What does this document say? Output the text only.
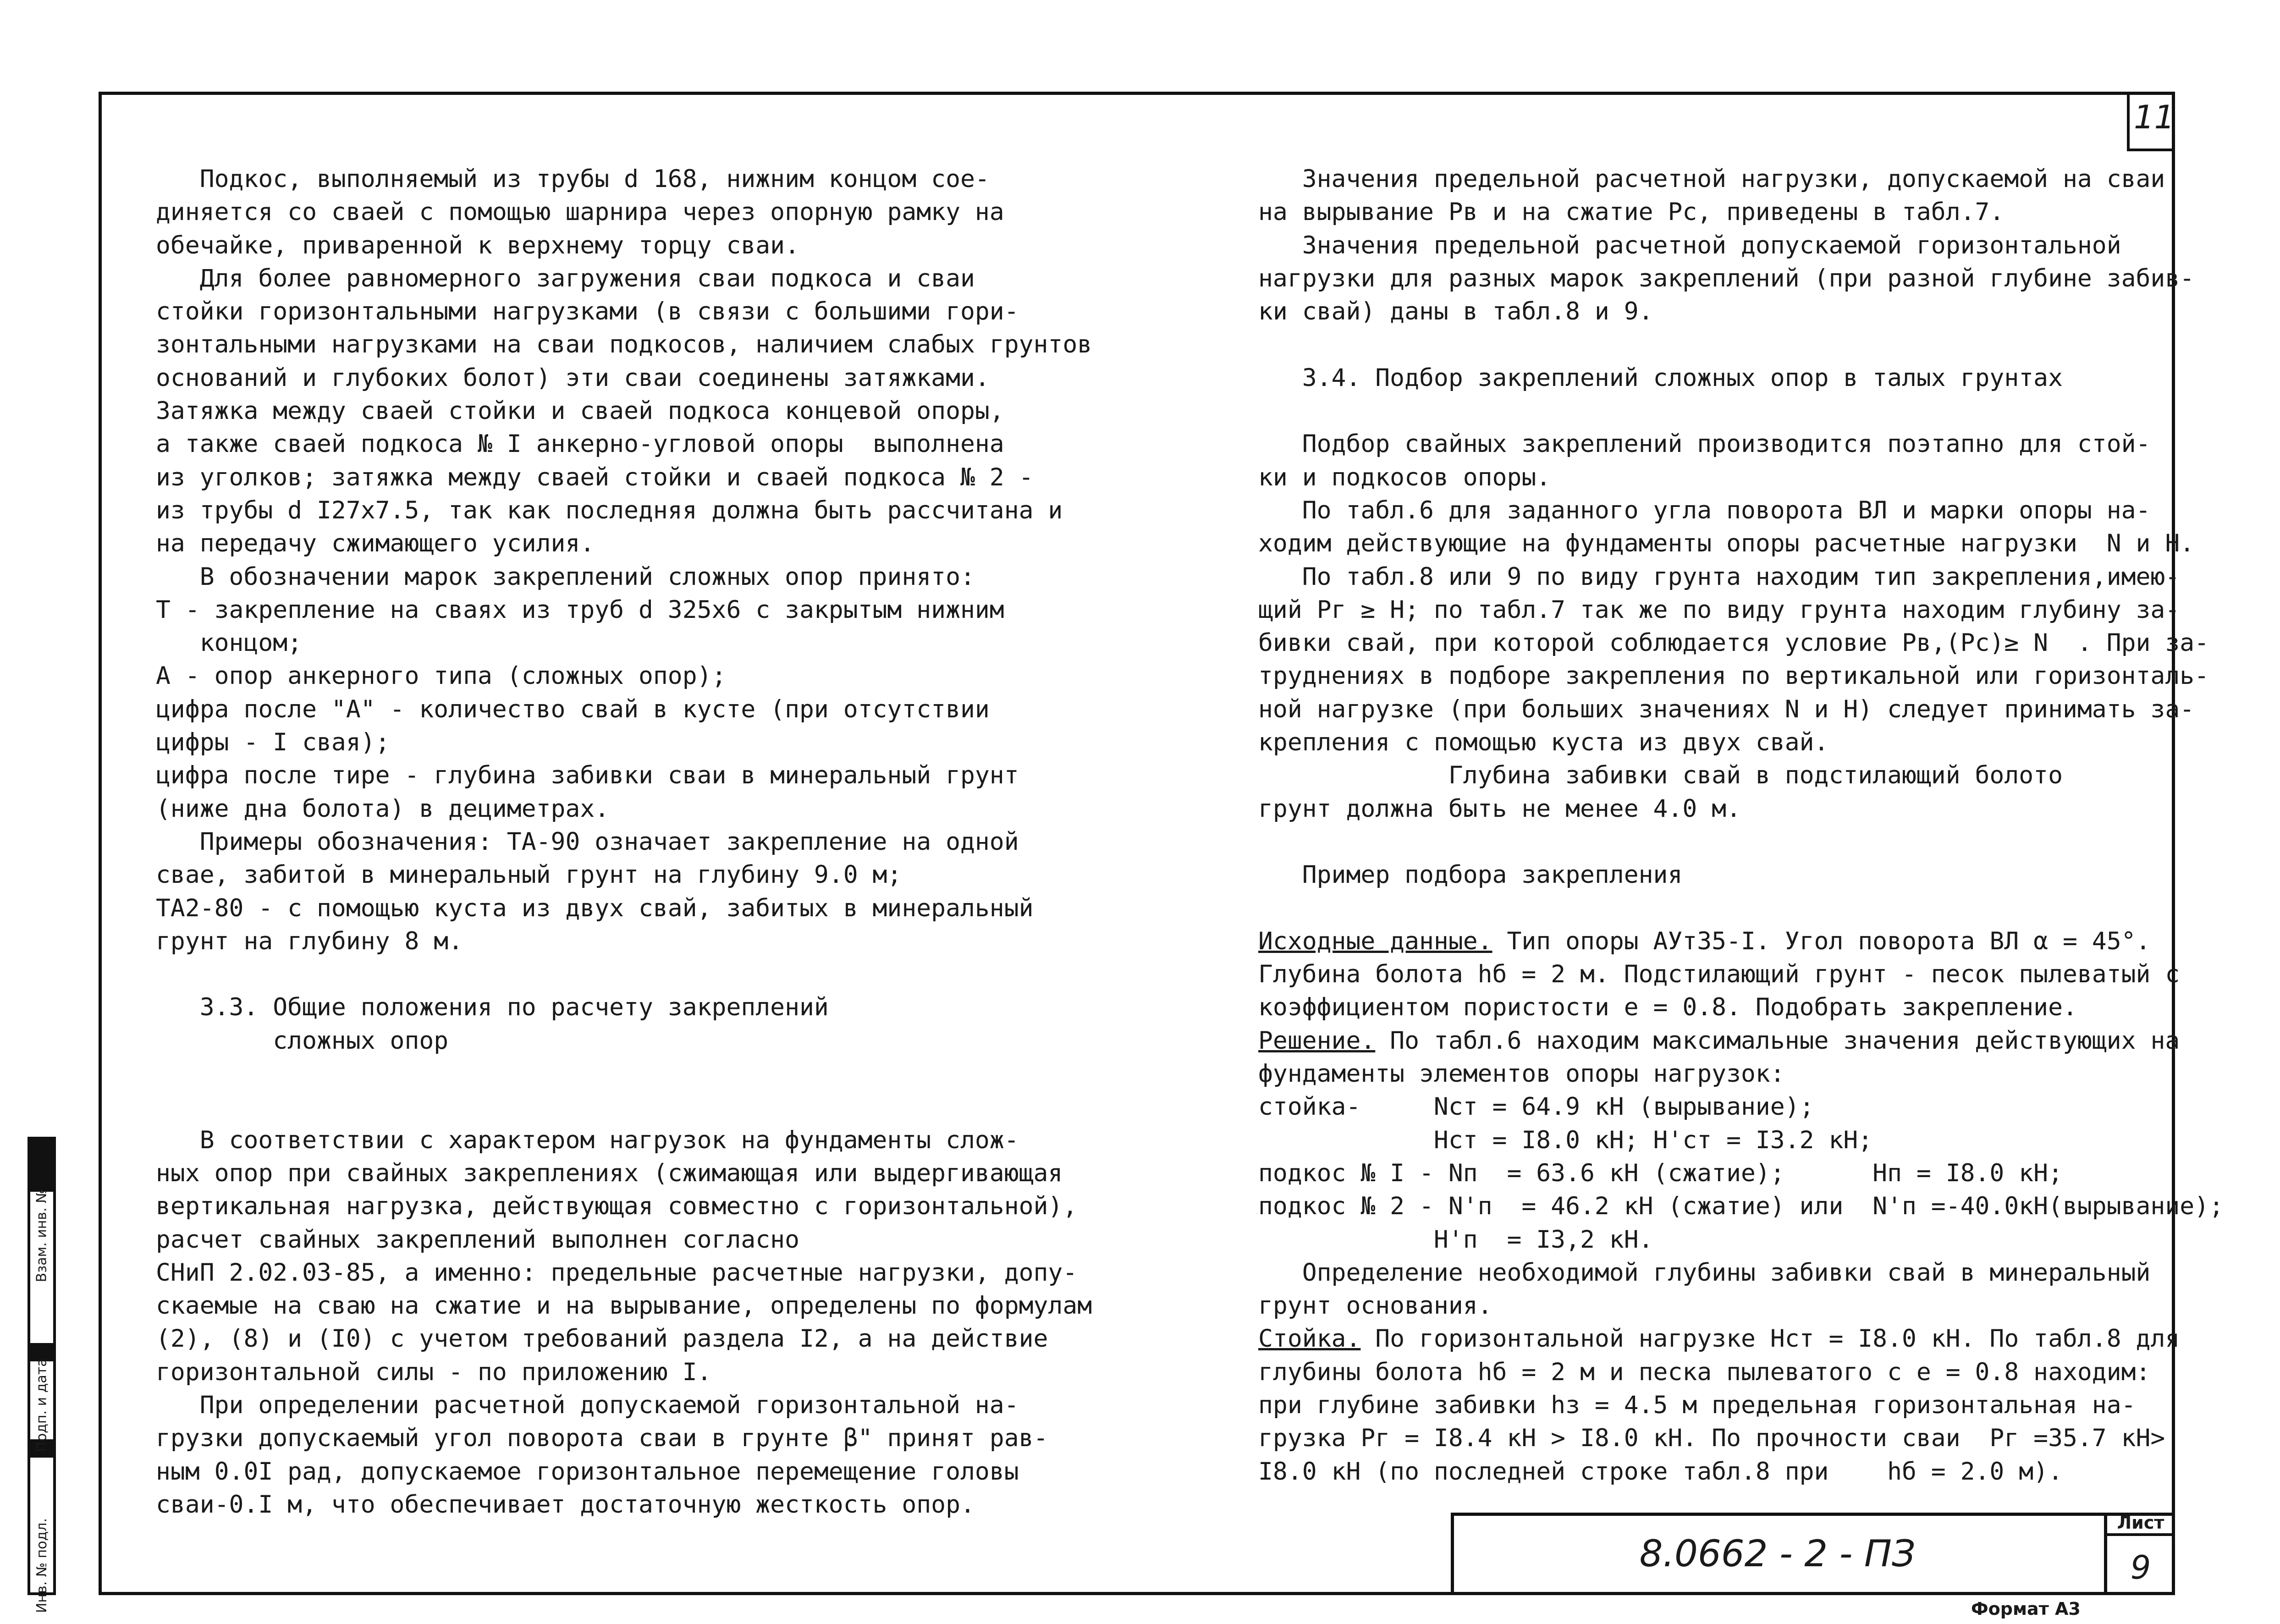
11
Подкос, выполняемый из трубы d 168, нижним концом сое-
диняется со сваей с помощью шарнира через опорную рамку на
обечайке, приваренной к верхнему торцу сваи.
Для более равномерного загружения сваи подкоса и сваи
стойки горизонтальными нагрузками (в связи с большими гори-
зонтальными нагрузками на сваи подкосов, наличием слабых грунтов
оснований и глубоких болот) эти сваи соединены затяжками.
Затяжка между сваей стойки и сваей подкоса концевой опоры,
а также сваей подкоса № I анкерно-угловой опоры  выполнена
из уголков; затяжка между сваей стойки и сваей подкоса № 2 -
из трубы d I27x7.5, так как последняя должна быть рассчитана и
на передачу сжимающего усилия.
В обозначении марок закреплений сложных опор принято:
Т - закрепление на сваях из труб d 325x6 с закрытым нижним
концом;
А - опор анкерного типа (сложных опор);
цифра после "А" - количество свай в кусте (при отсутствии
цифры - I свая);
цифра после тире - глубина забивки сваи в минеральный грунт
(ниже дна болота) в дециметрах.
Примеры обозначения: ТА-90 означает закрепление на одной
свае, забитой в минеральный грунт на глубину 9.0 м;
ТА2-80 - с помощью куста из двух свай, забитых в минеральный
грунт на глубину 8 м.
3.3. Общие положения по расчету закреплений
сложных опор
В соответствии с характером нагрузок на фундаменты слож-
ных опор при свайных закреплениях (сжимающая или выдергивающая
вертикальная нагрузка, действующая совместно с горизонтальной),
расчет свайных закреплений выполнен согласно
СНиП 2.02.03-85, а именно: предельные расчетные нагрузки, допу-
скаемые на сваю на сжатие и на вырывание, определены по формулам
(2), (8) и (I0) с учетом требований раздела I2, а на действие
горизонтальной силы - по приложению I.
При определении расчетной допускаемой горизонтальной на-
грузки допускаемый угол поворота сваи в грунте β" принят рав-
ным 0.0I рад, допускаемое горизонтальное перемещение головы
сваи-0.I м, что обеспечивает достаточную жесткость опор.
Значения предельной расчетной нагрузки, допускаемой на сваи
на вырывание Рв и на сжатие Рс, приведены в табл.7.
Значения предельной расчетной допускаемой горизонтальной
нагрузки для разных марок закреплений (при разной глубине забив-
ки свай) даны в табл.8 и 9.
3.4. Подбор закреплений сложных опор в талых грунтах
Подбор свайных закреплений производится поэтапно для стой-
ки и подкосов опоры.
По табл.6 для заданного угла поворота ВЛ и марки опоры на-
ходим действующие на фундаменты опоры расчетные нагрузки  N и Н.
По табл.8 или 9 по виду грунта находим тип закрепления,имею-
щий Рг ≥ Н; по табл.7 так же по виду грунта находим глубину за-
бивки свай, при которой соблюдается условие Рв,(Рс)≥ N  . При за-
труднениях в подборе закрепления по вертикальной или горизонталь-
ной нагрузке (при больших значениях N и Н) следует принимать за-
крепления с помощью куста из двух свай.
Глубина забивки свай в подстилающий болото
грунт должна быть не менее 4.0 м.
Пример подбора закрепления
Исходные данные. Тип опоры АУт35-I. Угол поворота ВЛ α = 45°.
Глубина болота hб = 2 м. Подстилающий грунт - песок пылеватый с
коэффициентом пористости е = 0.8. Подобрать закрепление.
Решение. По табл.6 находим максимальные значения действующих на
фундаменты элементов опоры нагрузок:
стойка-     Nст = 64.9 кН (вырывание);
Нст = I8.0 кН; Н'ст = I3.2 кН;
подкос № I - Nп  = 63.6 кН (сжатие);      Нп = I8.0 кН;
подкос № 2 - N'п  = 46.2 кН (сжатие) или  N'п =-40.0кН(вырывание);
Н'п  = I3,2 кН.
Определение необходимой глубины забивки свай в минеральный
грунт основания.
Стойка. По горизонтальной нагрузке Нст = I8.0 кН. По табл.8 для
глубины болота hб = 2 м и песка пылеватого с е = 0.8 находим:
при глубине забивки hз = 4.5 м предельная горизонтальная на-
грузка Рг = I8.4 кН > I8.0 кН. По прочности сваи  Рг =35.7 кН>
I8.0 кН (по последней строке табл.8 при    hб = 2.0 м).
8.0662 - 2 - ПЗ
Лист
9
Формат А3
Инв. № подл.
Подп. и дата
Взам. инв. №
